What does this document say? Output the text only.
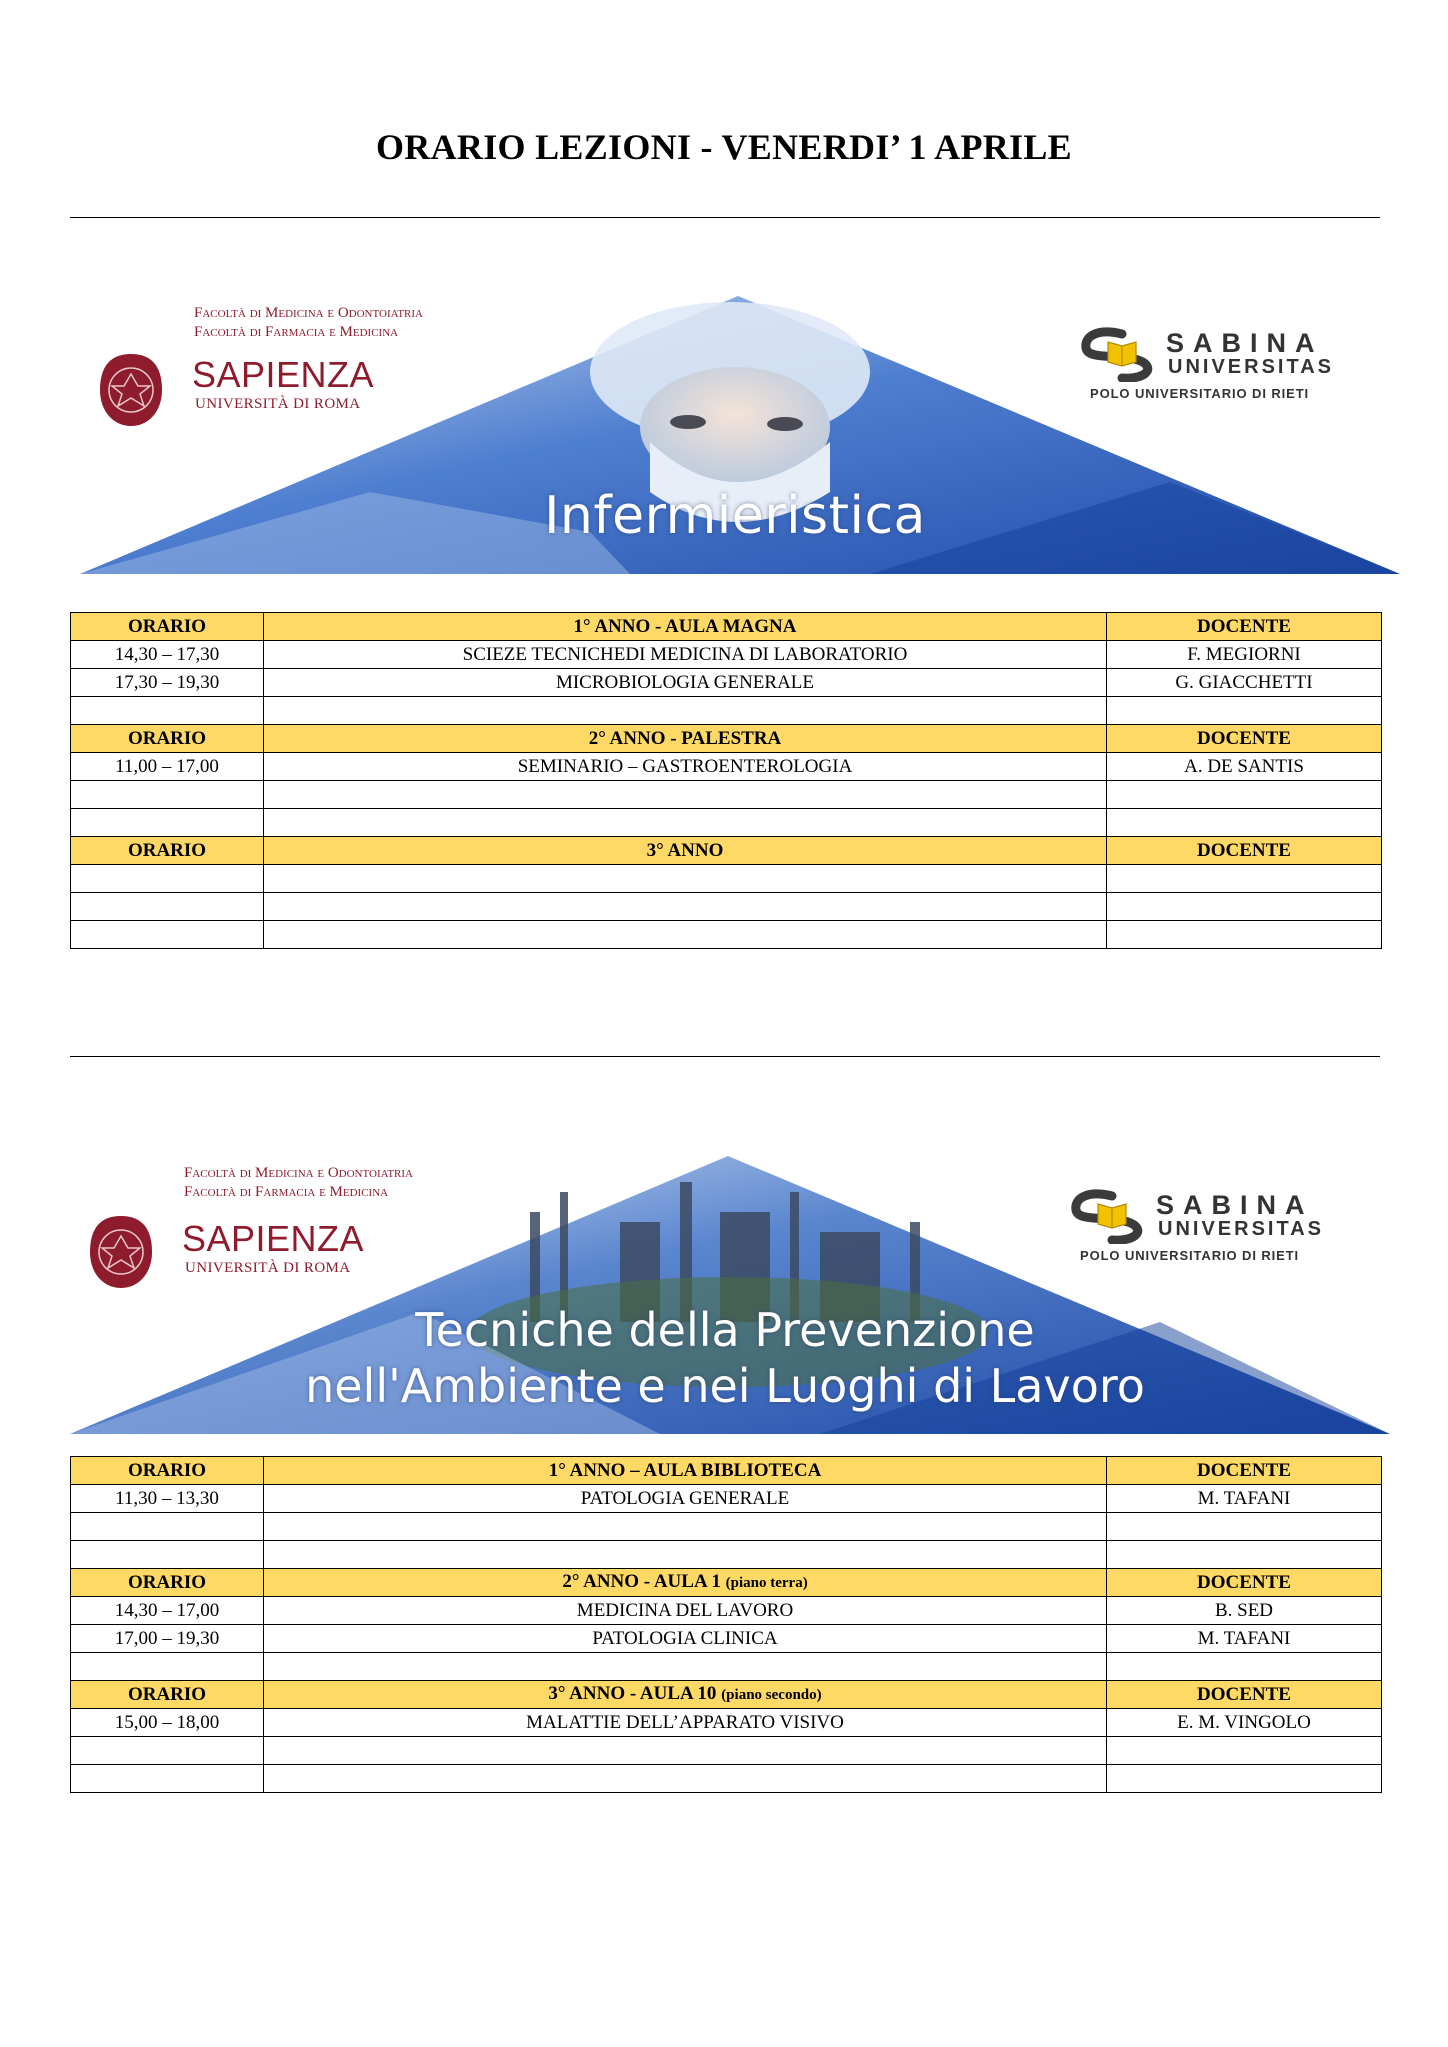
ORARIO LEZIONI - VENERDI’ 1 APRILE
Facoltà di Medicina e Odontoiatria
Facoltà di Farmacia e Medicina
SAPIENZA
UNIVERSITÀ DI ROMA
SABINA
UNIVERSITAS
POLO UNIVERSITARIO DI RIETI
Infermieristica
ORARIO	1° ANNO - AULA MAGNA	DOCENTE
14,30 – 17,30	SCIEZE TECNICHEDI MEDICINA DI LABORATORIO	F. MEGIORNI
17,30 – 19,30	MICROBIOLOGIA GENERALE	G. GIACCHETTI

ORARIO	2° ANNO - PALESTRA	DOCENTE
11,00 – 17,00	SEMINARIO – GASTROENTEROLOGIA	A. DE SANTIS

ORARIO	3° ANNO	DOCENTE

Facoltà di Medicina e Odontoiatria
Facoltà di Farmacia e Medicina
SAPIENZA
UNIVERSITÀ DI ROMA
SABINA
UNIVERSITAS
POLO UNIVERSITARIO DI RIETI
Tecniche della Prevenzione
nell'Ambiente e nei Luoghi di Lavoro
ORARIO	1° ANNO – AULA BIBLIOTECA	DOCENTE
11,30 – 13,30	PATOLOGIA GENERALE	M. TAFANI

ORARIO	2° ANNO - AULA 1 (piano terra)	DOCENTE
14,30 – 17,00	MEDICINA DEL LAVORO	B. SED
17,00 – 19,30	PATOLOGIA CLINICA	M. TAFANI

ORARIO	3° ANNO - AULA 10 (piano secondo)	DOCENTE
15,00 – 18,00	MALATTIE DELL’APPARATO VISIVO	E. M. VINGOLO
